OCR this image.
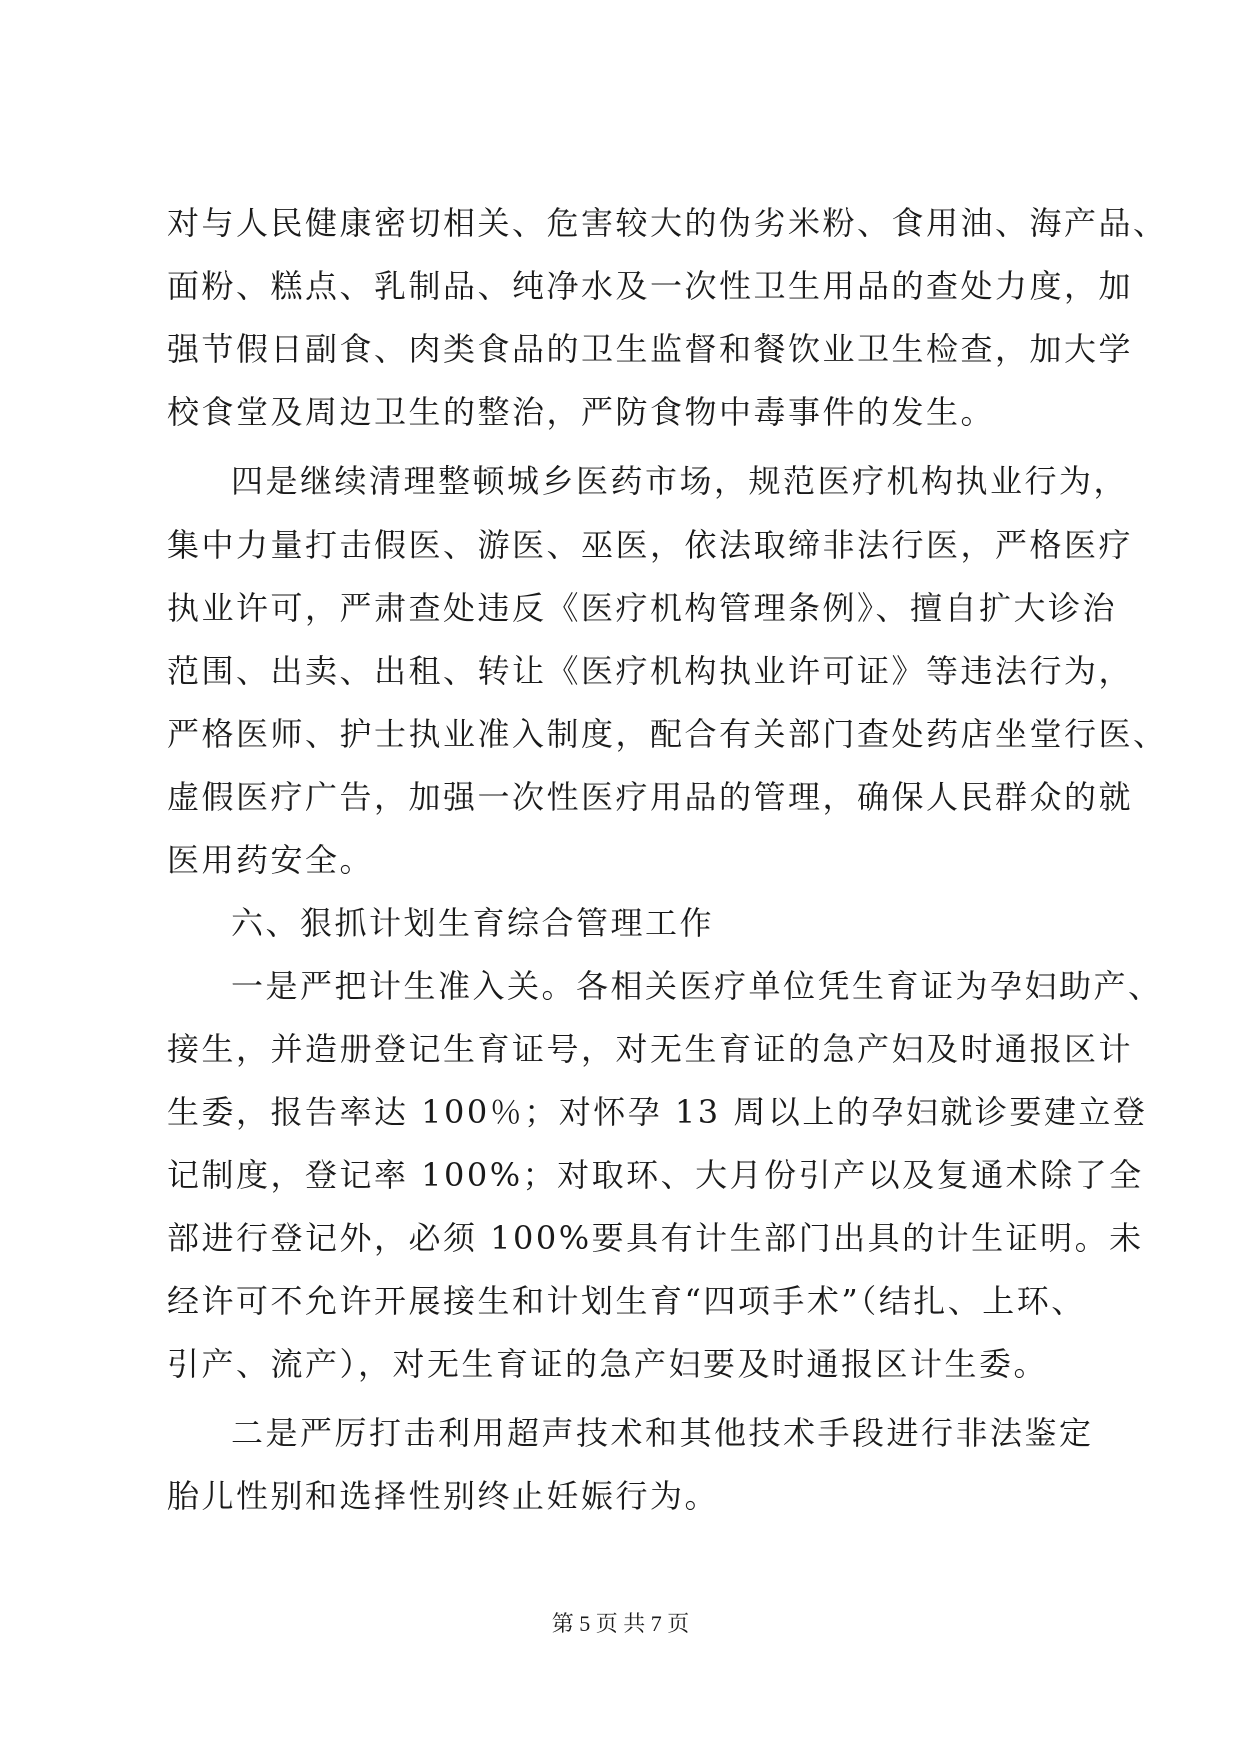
对与人民健康密切相关、危害较大的伪劣米粉、食用油、海产品、
面粉、糕点、乳制品、纯净水及一次性卫生用品的查处力度，加
强节假日副食、肉类食品的卫生监督和餐饮业卫生检查，加大学
校食堂及周边卫生的整治，严防食物中毒事件的发生。
四是继续清理整顿城乡医药市场，规范医疗机构执业行为，
集中力量打击假医、游医、巫医，依法取缔非法行医，严格医疗
执业许可，严肃查处违反《医疗机构管理条例》、擅自扩大诊治
范围、出卖、出租、转让《医疗机构执业许可证》等违法行为，
严格医师、护士执业准入制度，配合有关部门查处药店坐堂行医、
虚假医疗广告，加强一次性医疗用品的管理，确保人民群众的就
医用药安全。
六、狠抓计划生育综合管理工作
一是严把计生准入关。各相关医疗单位凭生育证为孕妇助产、
接生，并造册登记生育证号，对无生育证的急产妇及时通报区计
生委，报告率达 100％；对怀孕 13 周以上的孕妇就诊要建立登
记制度，登记率 100%；对取环、大月份引产以及复通术除了全
部进行登记外，必须 100%要具有计生部门出具的计生证明。未
经许可不允许开展接生和计划生育“四项手术”（结扎、上环、
引产、流产），对无生育证的急产妇要及时通报区计生委。
二是严厉打击利用超声技术和其他技术手段进行非法鉴定
胎儿性别和选择性别终止妊娠行为。
第 5 页 共 7 页
